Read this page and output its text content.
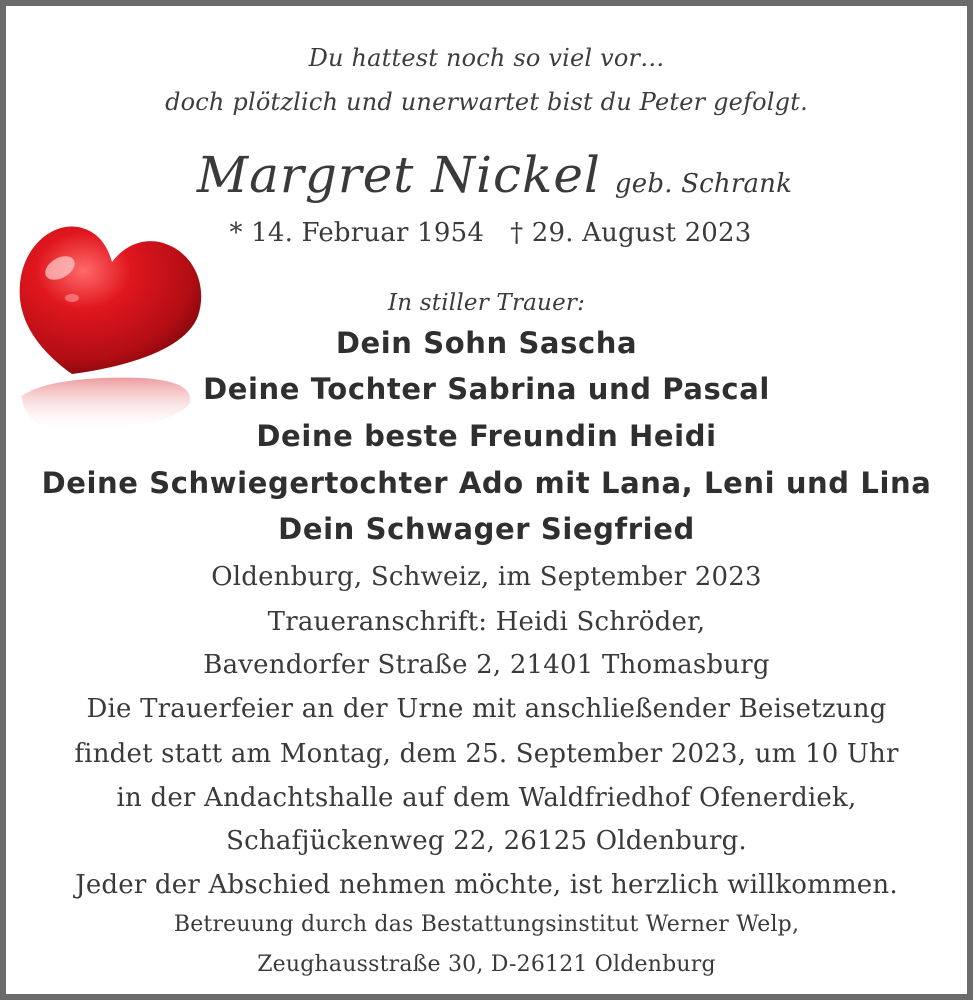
Du hattest noch so viel vor…
doch plötzlich und unerwartet bist du Peter gefolgt.
Margret Nickel geb. Schrank
* 14. Februar 1954 † 29. August 2023
In stiller Trauer:
Dein Sohn Sascha
Deine Tochter Sabrina und Pascal
Deine beste Freundin Heidi
Deine Schwiegertochter Ado mit Lana, Leni und Lina
Dein Schwager Siegfried
Oldenburg, Schweiz, im September 2023
Traueranschrift: Heidi Schröder,
Bavendorfer Straße 2, 21401 Thomasburg
Die Trauerfeier an der Urne mit anschließender Beisetzung
findet statt am Montag, dem 25. September 2023, um 10 Uhr
in der Andachtshalle auf dem Waldfriedhof Ofenerdiek,
Schafjückenweg 22, 26125 Oldenburg.
Jeder der Abschied nehmen möchte, ist herzlich willkommen.
Betreuung durch das Bestattungsinstitut Werner Welp,
Zeughausstraße 30, D-26121 Oldenburg
